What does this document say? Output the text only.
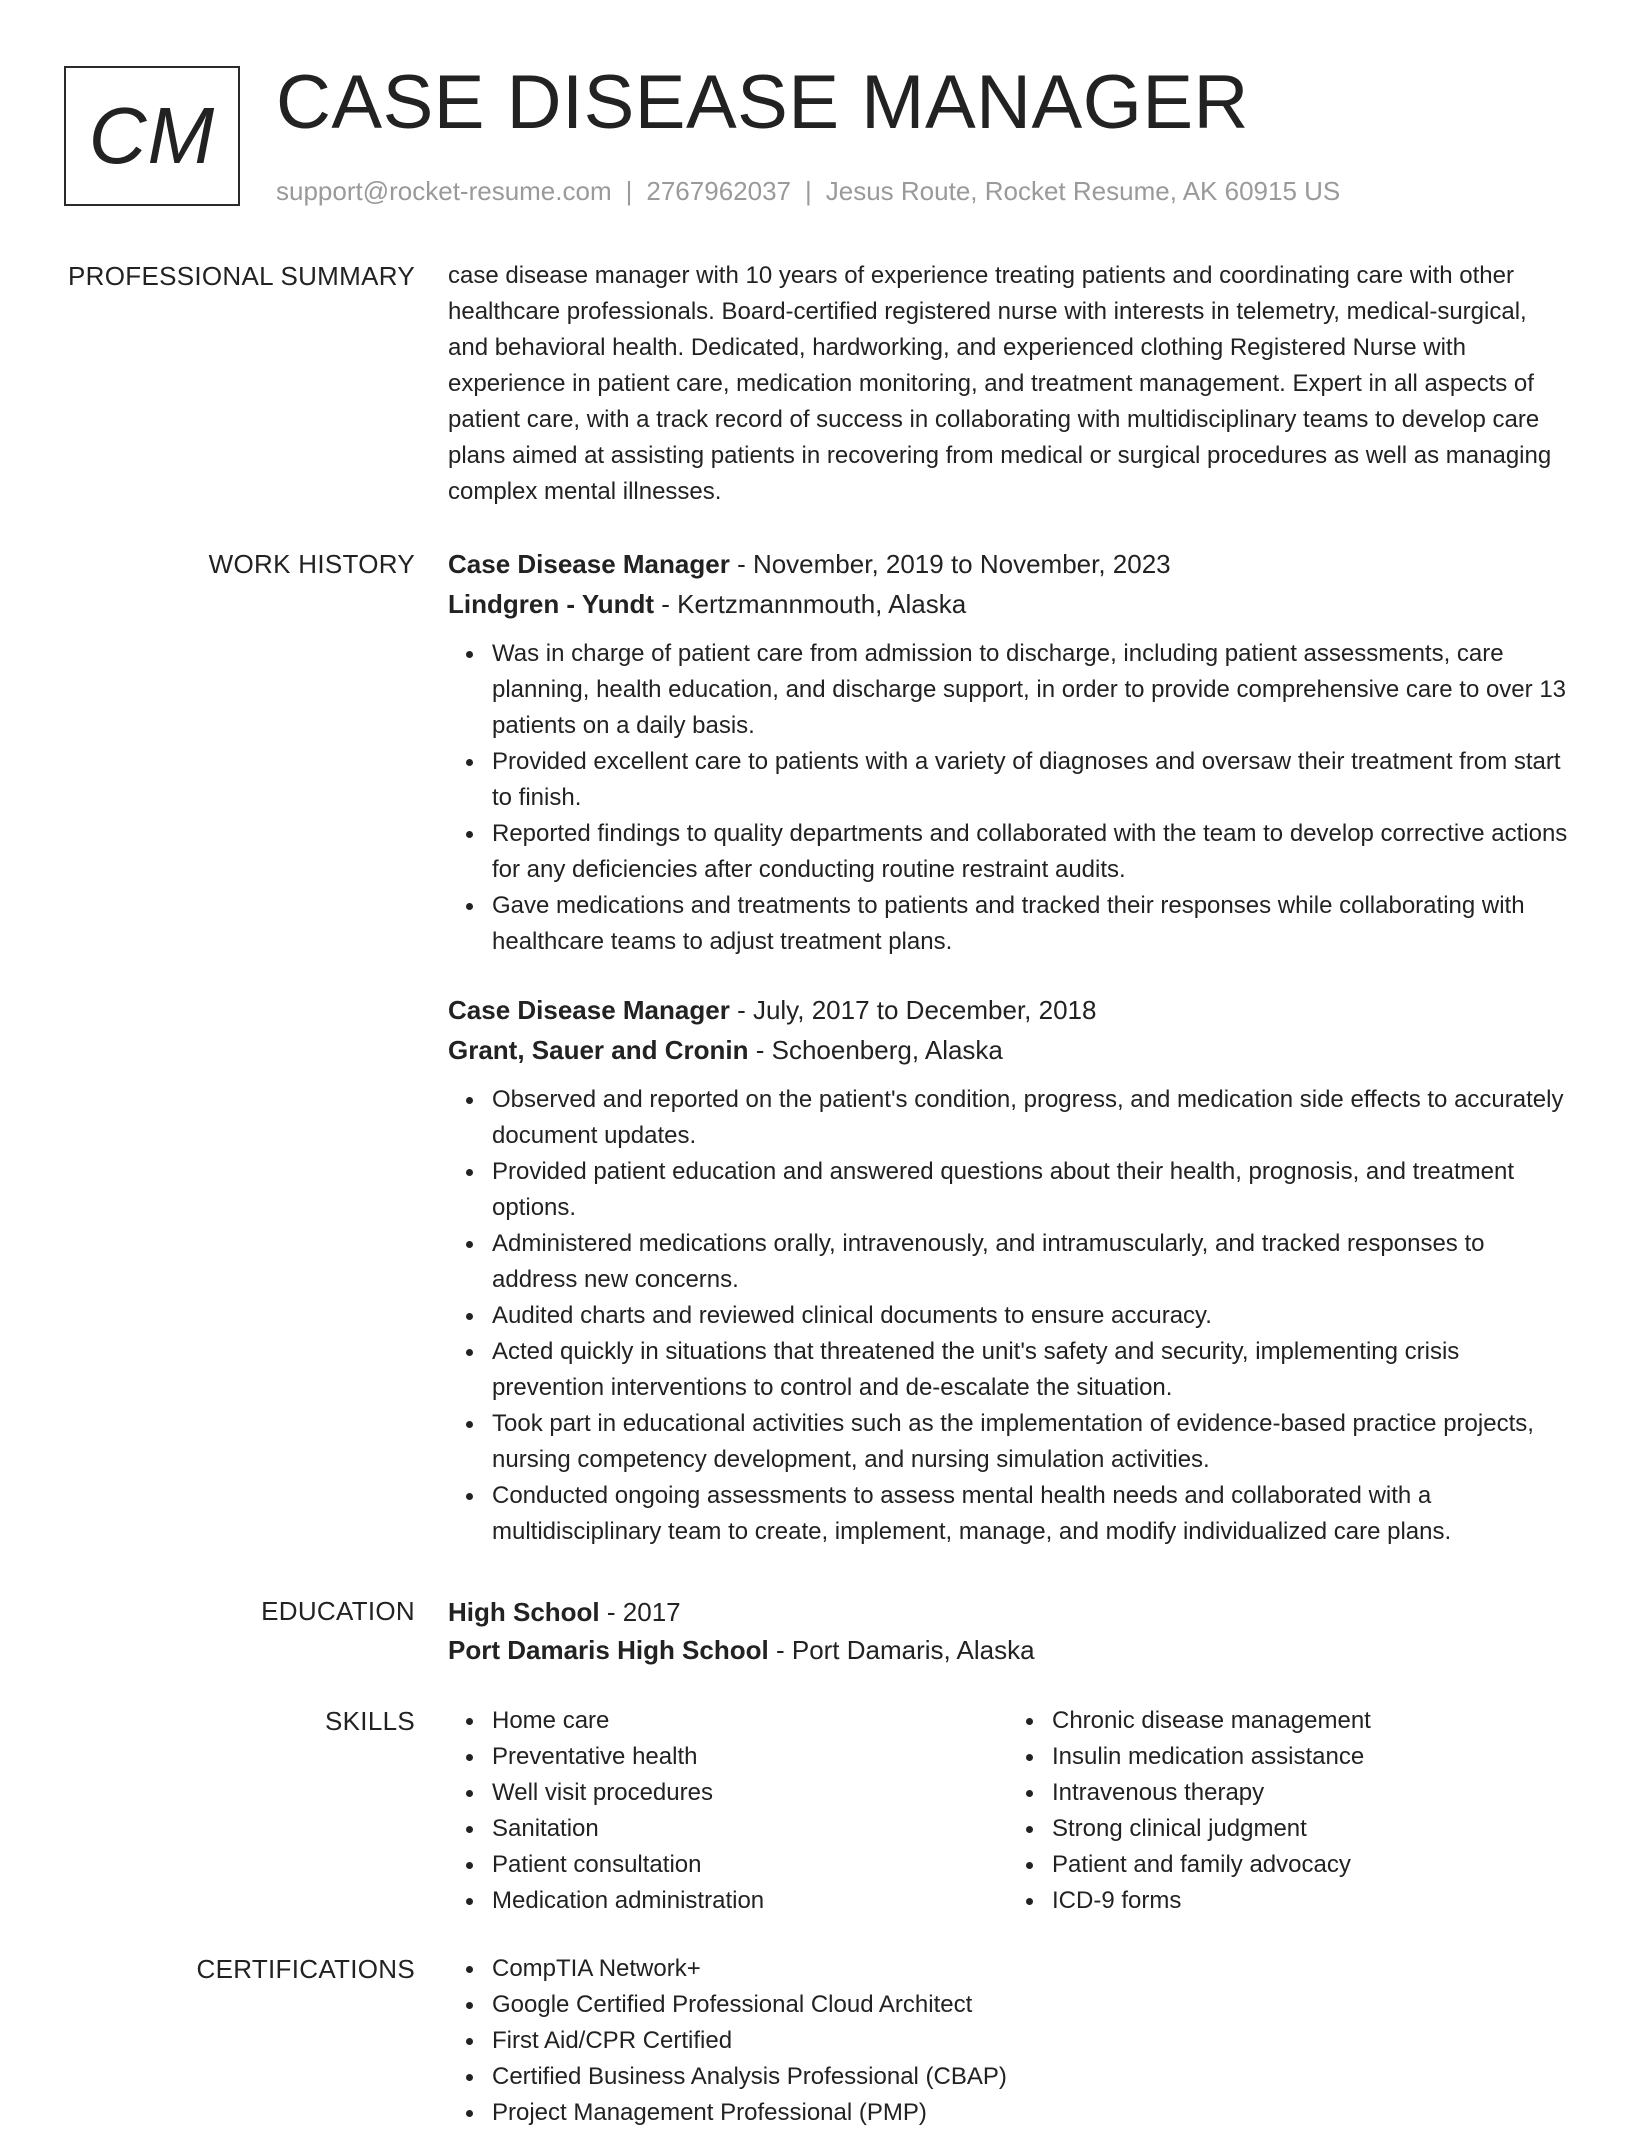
CM CASE DISEASE MANAGER
support@rocket-resume.com | 2767962037 | Jesus Route, Rocket Resume, AK 60915 US
PROFESSIONAL SUMMARY case disease manager with 10 years of experience treating patients and coordinating care with other healthcare professionals. Board-certified registered nurse with interests in telemetry, medical-surgical, and behavioral health. Dedicated, hardworking, and experienced clothing Registered Nurse with experience in patient care, medication monitoring, and treatment management. Expert in all aspects of patient care, with a track record of success in collaborating with multidisciplinary teams to develop care plans aimed at assisting patients in recovering from medical or surgical procedures as well as managing complex mental illnesses.

WORK HISTORY Case Disease Manager - November, 2019 to November, 2023

Lindgren - Yundt - Kertzmannmouth, Alaska

Was in charge of patient care from admission to discharge, including patient assessments, care planning, health education, and discharge support, in order to provide comprehensive care to over 13 patients on a daily basis.
Provided excellent care to patients with a variety of diagnoses and oversaw their treatment from start to finish.
Reported findings to quality departments and collaborated with the team to develop corrective actions for any deficiencies after conducting routine restraint audits.
Gave medications and treatments to patients and tracked their responses while collaborating with healthcare teams to adjust treatment plans.

Case Disease Manager - July, 2017 to December, 2018

Grant, Sauer and Cronin - Schoenberg, Alaska

Observed and reported on the patient's condition, progress, and medication side effects to accurately document updates.
Provided patient education and answered questions about their health, prognosis, and treatment options.
Administered medications orally, intravenously, and intramuscularly, and tracked responses to address new concerns.
Audited charts and reviewed clinical documents to ensure accuracy.
Acted quickly in situations that threatened the unit's safety and security, implementing crisis prevention interventions to control and de-escalate the situation.
Took part in educational activities such as the implementation of evidence-based practice projects, nursing competency development, and nursing simulation activities.
Conducted ongoing assessments to assess mental health needs and collaborated with a multidisciplinary team to create, implement, manage, and modify individualized care plans.
EDUCATION High School - 2017

Port Damaris High School - Port Damaris, Alaska

SKILLS	Home care
Preventative health
Well visit procedures
Sanitation
Patient consultation
Medication administration
Chronic disease management
Insulin medication assistance
Intravenous therapy
Strong clinical judgment
Patient and family advocacy
ICD-9 forms
CERTIFICATIONS	CompTIA Network+
Google Certified Professional Cloud Architect
First Aid/CPR Certified
Certified Business Analysis Professional (CBAP)
Project Management Professional (PMP)
